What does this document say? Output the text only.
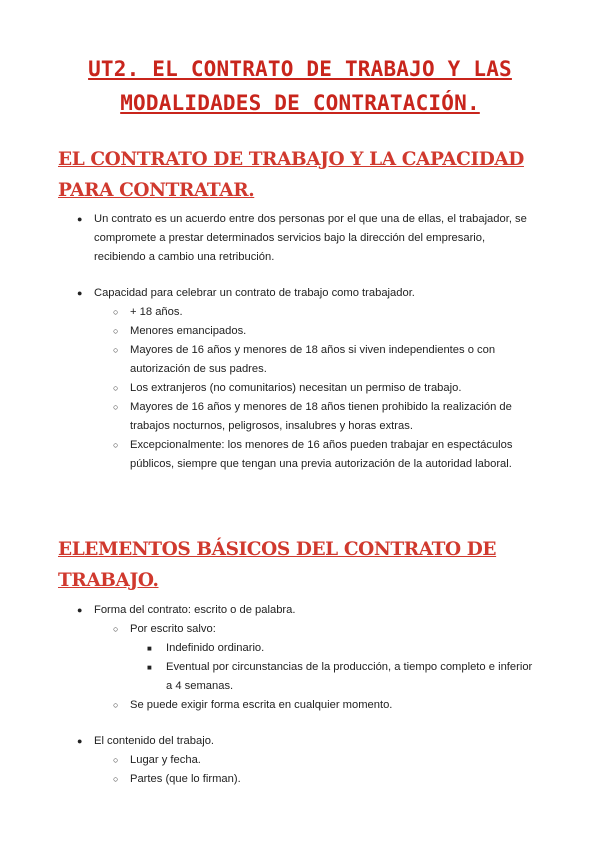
UT2. EL CONTRATO DE TRABAJO Y LAS
MODALIDADES DE CONTRATACIÓN.
EL CONTRATO DE TRABAJO Y LA CAPACIDAD
PARA CONTRATAR.
● Un contrato es un acuerdo entre dos personas por el que una de ellas, el trabajador, se compromete a prestar determinados servicios bajo la dirección del empresario, recibiendo a cambio una retribución.
● Capacidad para celebrar un contrato de trabajo como trabajador.
○ + 18 años.
○ Menores emancipados.
○ Mayores de 16 años y menores de 18 años si viven independientes o con autorización de sus padres.
○ Los extranjeros (no comunitarios) necesitan un permiso de trabajo.
○ Mayores de 16 años y menores de 18 años tienen prohibido la realización de trabajos nocturnos, peligrosos, insalubres y horas extras.
○ Excepcionalmente: los menores de 16 años pueden trabajar en espectáculos públicos, siempre que tengan una previa autorización de la autoridad laboral.
ELEMENTOS BÁSICOS DEL CONTRATO DE
TRABAJO.
● Forma del contrato: escrito o de palabra.
○ Por escrito salvo:
■ Indefinido ordinario.
■ Eventual por circunstancias de la producción, a tiempo completo e inferior a 4 semanas.
○ Se puede exigir forma escrita en cualquier momento.
● El contenido del trabajo.
○ Lugar y fecha.
○ Partes (que lo firman).
